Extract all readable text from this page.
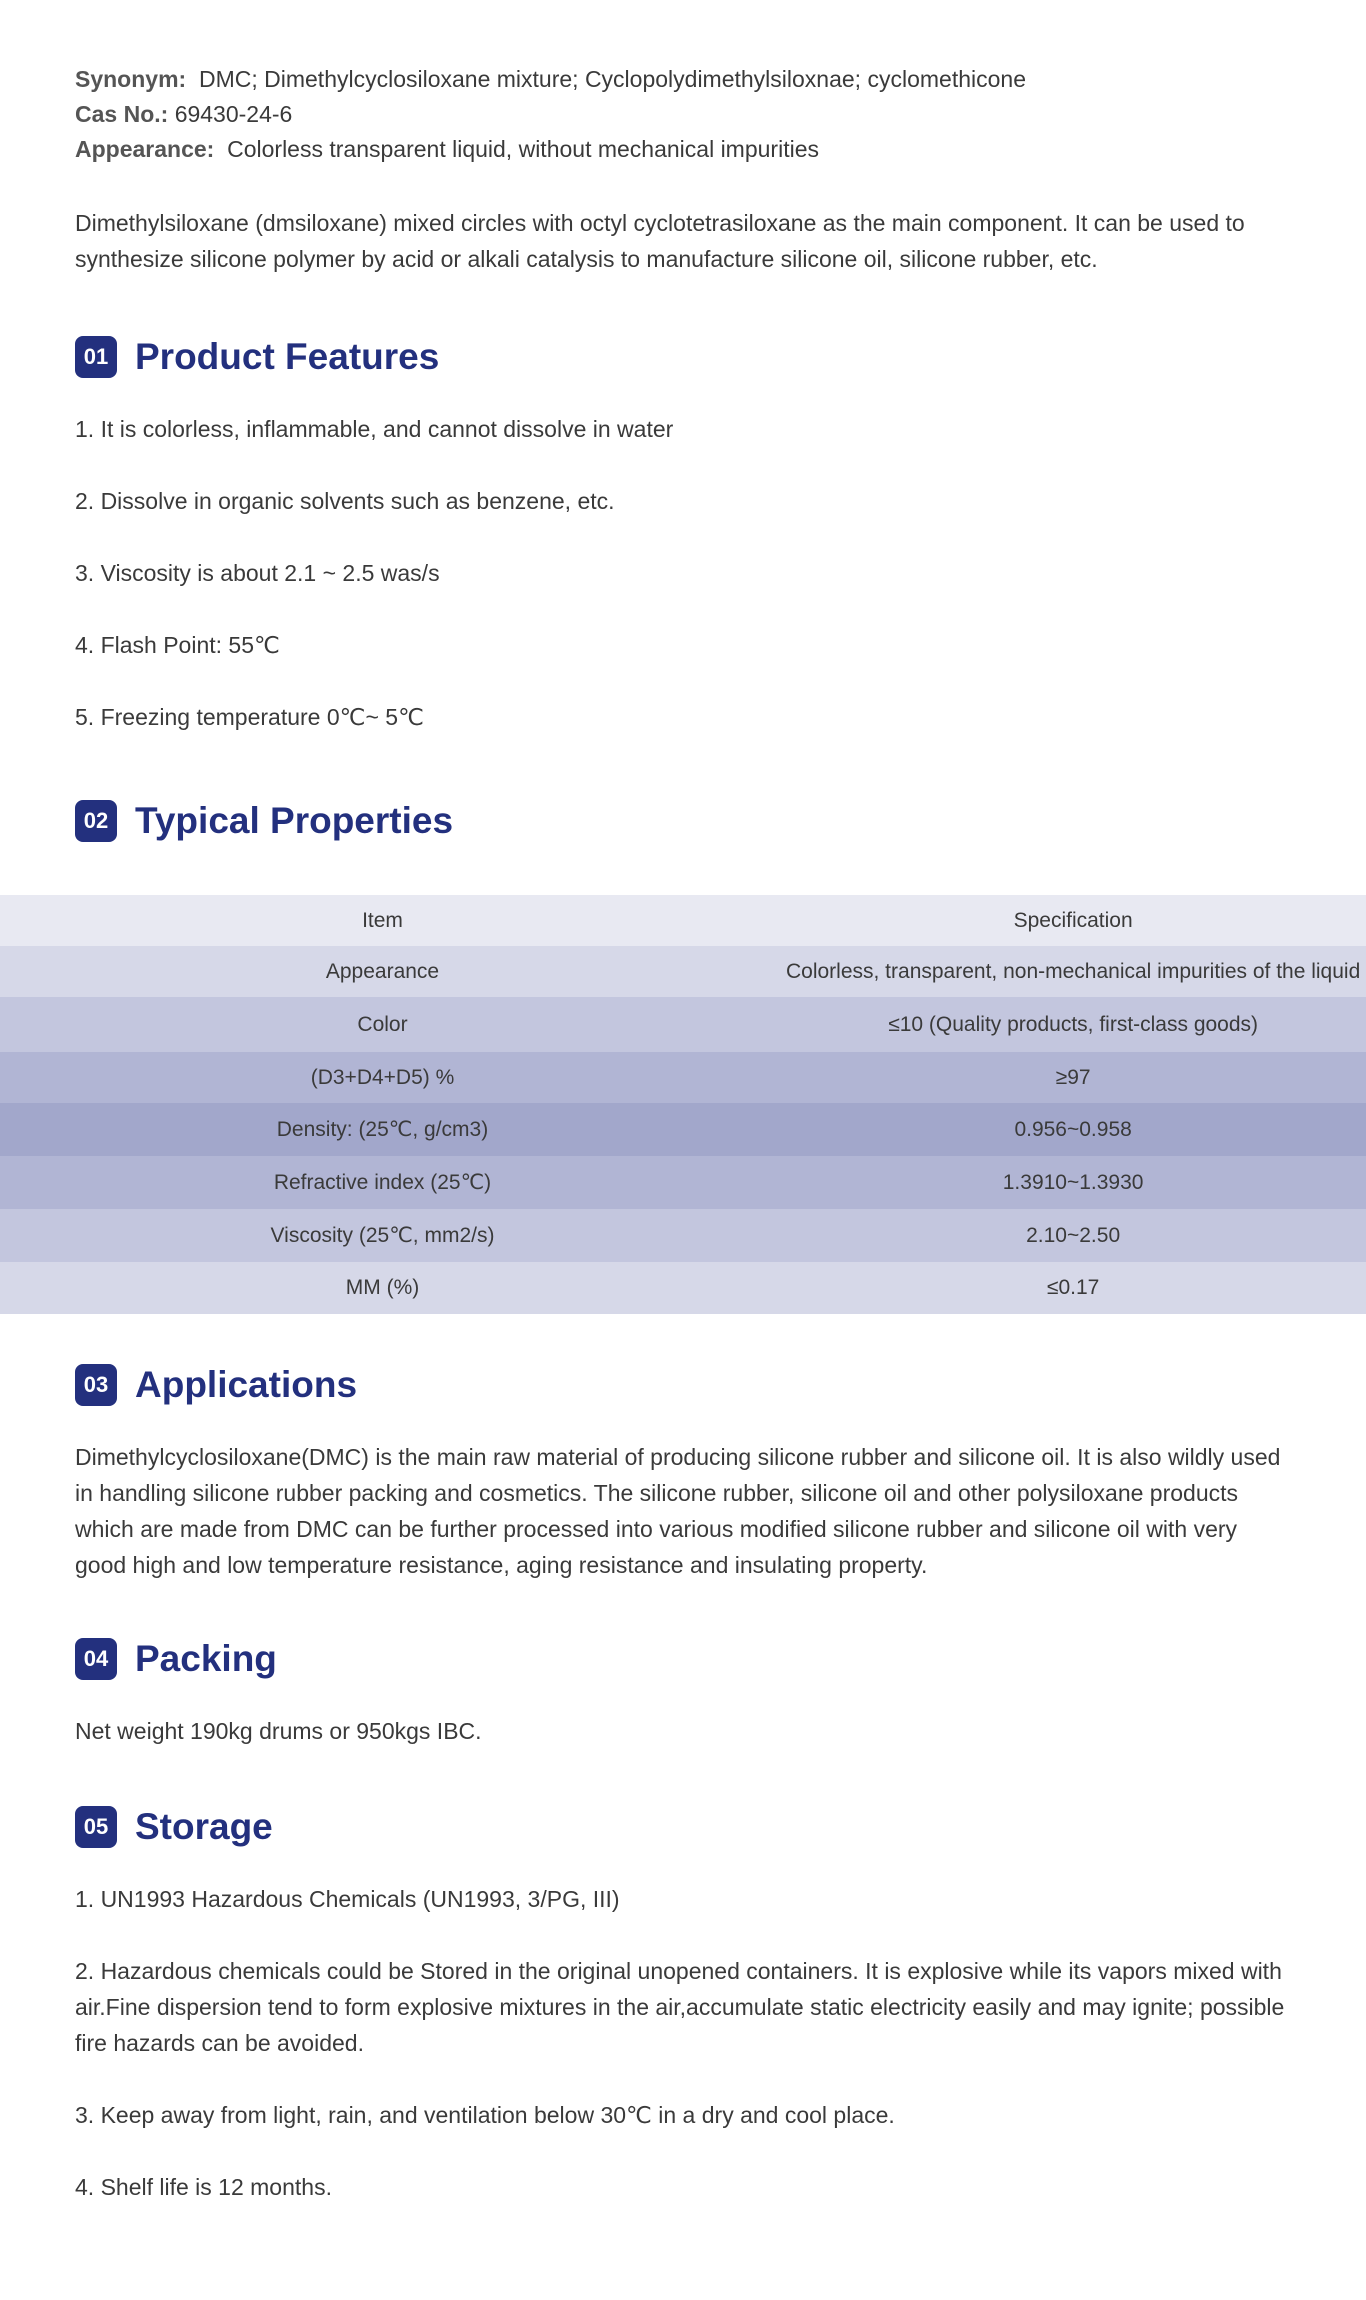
Synonym: DMC; Dimethylcyclosiloxane mixture; Cyclopolydimethylsiloxnae; cyclomethicone
Cas No.: 69430-24-6
Appearance: Colorless transparent liquid, without mechanical impurities
Dimethylsiloxane (dmsiloxane) mixed circles with octyl cyclotetrasiloxane as the main component. It can be used to synthesize silicone polymer by acid or alkali catalysis to manufacture silicone oil, silicone rubber, etc.
01 Product Features
1. It is colorless, inflammable, and cannot dissolve in water
2. Dissolve in organic solvents such as benzene, etc.
3. Viscosity is about 2.1 ~ 2.5 was/s
4. Flash Point: 55℃
5. Freezing temperature 0℃~ 5℃
02 Typical Properties
03 Applications
Dimethylcyclosiloxane(DMC) is the main raw material of producing silicone rubber and silicone oil. It is also wildly used in handling silicone rubber packing and cosmetics. The silicone rubber, silicone oil and other polysiloxane products which are made from DMC can be further processed into various modified silicone rubber and silicone oil with very good high and low temperature resistance, aging resistance and insulating property.
04 Packing
Net weight 190kg drums or 950kgs IBC.
05 Storage
1. UN1993 Hazardous Chemicals (UN1993, 3/PG, III)
2. Hazardous chemicals could be Stored in the original unopened containers. It is explosive while its vapors mixed with air.Fine dispersion tend to form explosive mixtures in the air,accumulate static electricity easily and may ignite; possible fire hazards can be avoided.
3. Keep away from light, rain, and ventilation below 30℃ in a dry and cool place.
4. Shelf life is 12 months.
Item	Specification

Appearance	Colorless, transparent, non-mechanical impurities of the liquid

Color	≤10 (Quality products, first-class goods)

(D3+D4+D5) %	≥97

Density: (25℃, g/cm3)	0.956~0.958

Refractive index (25℃)	1.3910~1.3930

Viscosity (25℃, mm2/s)	2.10~2.50

MM (%)	≤0.17
